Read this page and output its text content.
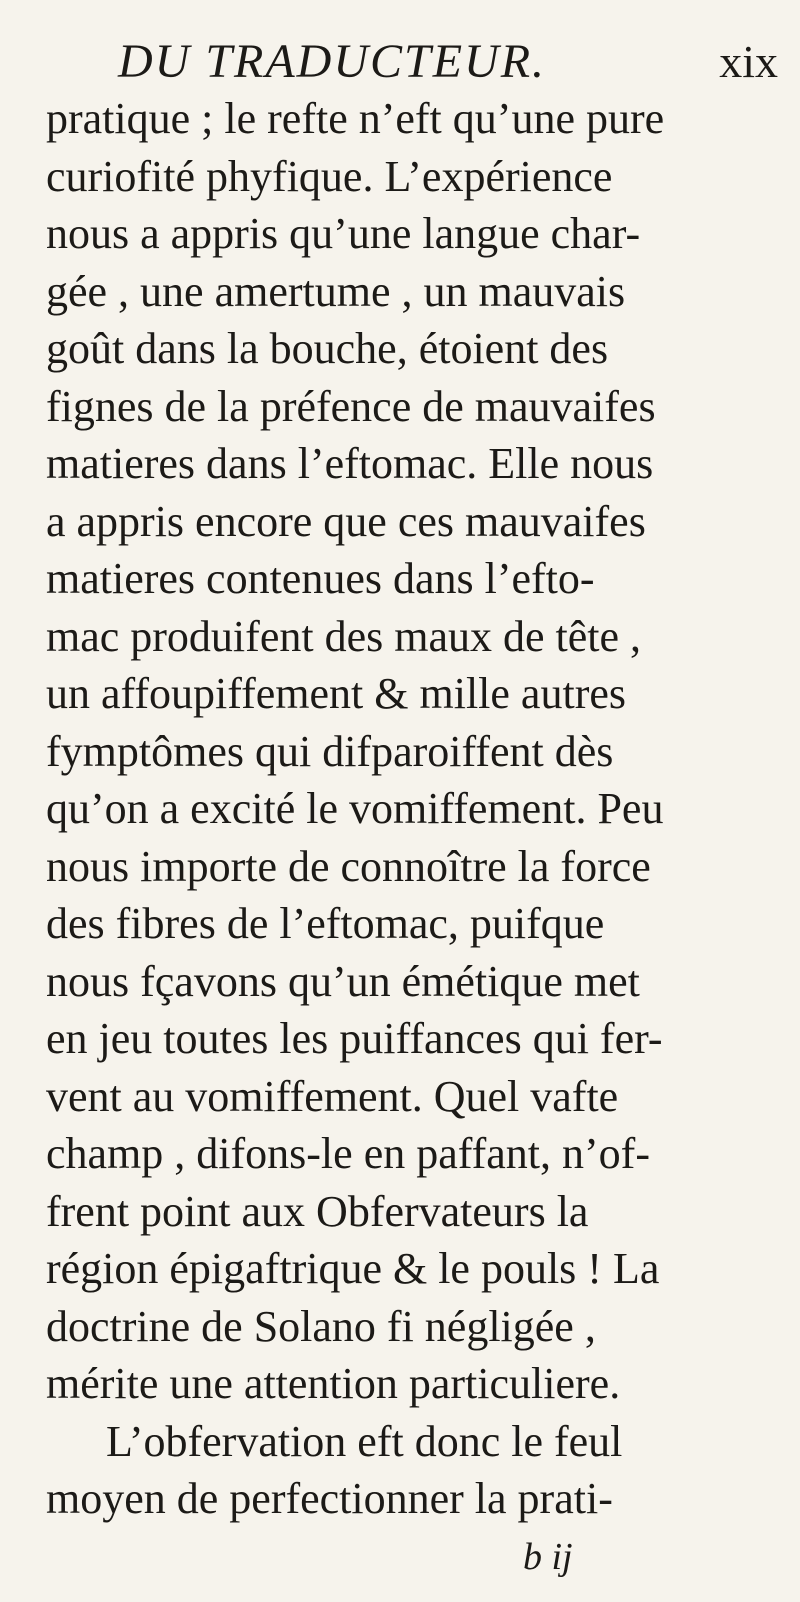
DU TRADUCTEUR.	xix
pratique ; le refte n’eft qu’une pure
curiofité phyfique. L’expérience
nous a appris qu’une langue char-
gée , une amertume , un mauvais
goût dans la bouche, étoient des
fignes de la préfence de mauvaifes
matieres dans l’eftomac. Elle nous
a appris encore que ces mauvaifes
matieres contenues dans l’efto-
mac produifent des maux de tête ,
un affoupiffement & mille autres
fymptômes qui difparoiffent dès
qu’on a excité le vomiffement. Peu
nous importe de connoître la force
des fibres de l’eftomac, puifque
nous fçavons qu’un émétique met
en jeu toutes les puiffances qui fer-
vent au vomiffement. Quel vafte
champ , difons-le en paffant, n’of-
frent point aux Obfervateurs la
région épigaftrique & le pouls ! La
doctrine de Solano fi négligée ,
mérite une attention particuliere.
L’obfervation eft donc le feul
moyen de perfectionner la prati-
b ij
